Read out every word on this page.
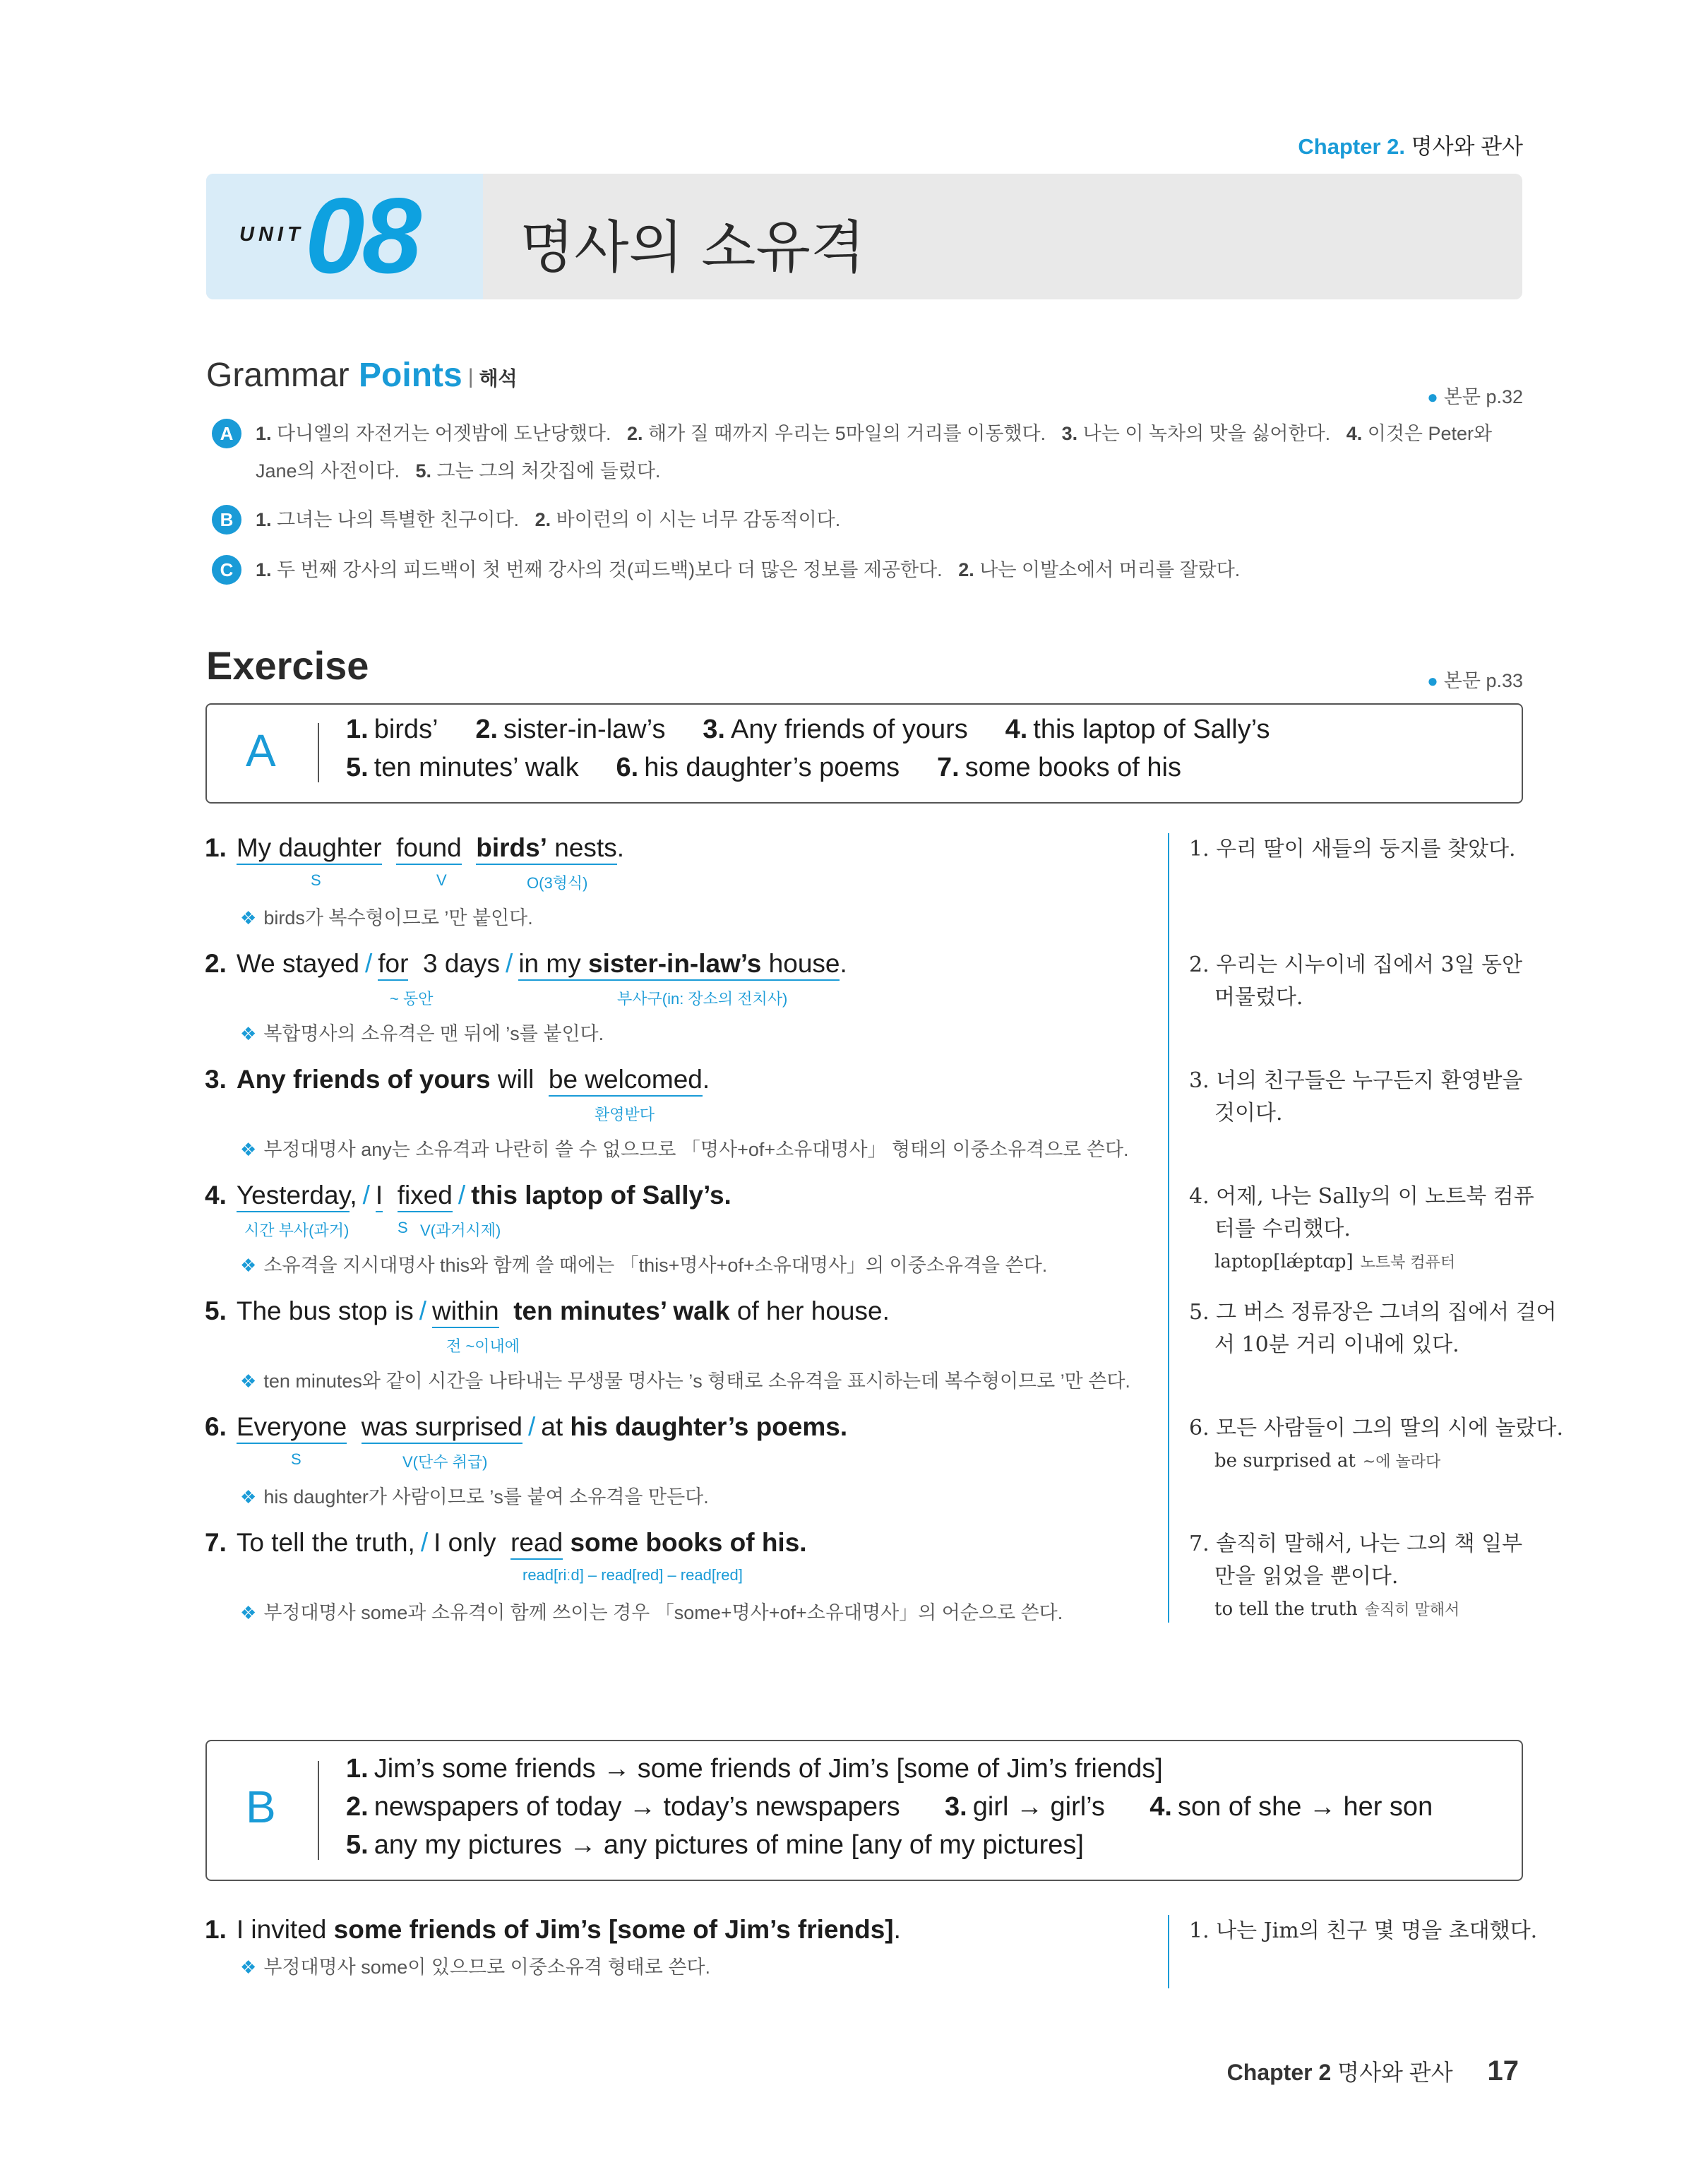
Chapter 2. 명사와 관사
UNIT 08 명사의 소유격
Grammar Points | 해석
● 본문 p.32
A	1. 다니엘의 자전거는 어젯밤에 도난당했다. 2. 해가 질 때까지 우리는 5마일의 거리를 이동했다. 3. 나는 이 녹차의 맛을 싫어한다. 4. 이것은 Peter와
Jane의 사전이다. 5. 그는 그의 처갓집에 들렀다.
B	1. 그녀는 나의 특별한 친구이다. 2. 바이런의 이 시는 너무 감동적이다.
C	1. 두 번째 강사의 피드백이 첫 번째 강사의 것(피드백)보다 더 많은 정보를 제공한다. 2. 나는 이발소에서 머리를 잘랐다.
Exercise	● 본문 p.33
A	1. birds’ 2. sister-in-law’s 3. Any friends of yours 4. this laptop of Sally’s
5. ten minutes’ walk 6. his daughter’s poems 7. some books of his
1. My daughter found birds’ nests.
S	V	O(3형식)
❖ birds가 복수형이므로 ’만 붙인다.
1. 우리 딸이 새들의 둥지를 찾았다.
2. We stayed / for 3 days / in my sister-in-law’s house.
~ 동안	부사구(in: 장소의 전치사)
❖ 복합명사의 소유격은 맨 뒤에 ’s를 붙인다.
2. 우리는 시누이네 집에서 3일 동안
머물렀다.
3. Any friends of yours will be welcomed.
환영받다
❖ 부정대명사 any는 소유격과 나란히 쓸 수 없으므로 「명사+of+소유대명사」 형태의 이중소유격으로 쓴다.
3. 너의 친구들은 누구든지 환영받을
것이다.
4. Yesterday, / I fixed / this laptop of Sally’s.
시간 부사(과거)	S V(과거시제)
❖ 소유격을 지시대명사 this와 함께 쓸 때에는 「this+명사+of+소유대명사」의 이중소유격을 쓴다.
4. 어제, 나는 Sally의 이 노트북 컴퓨
터를 수리했다.
laptop[lǽptɑp] 노트북 컴퓨터
5. The bus stop is / within ten minutes’ walk of her house.
전 ~이내에
❖ ten minutes와 같이 시간을 나타내는 무생물 명사는 ’s 형태로 소유격을 표시하는데 복수형이므로 ’만 쓴다.
5. 그 버스 정류장은 그녀의 집에서 걸어
서 10분 거리 이내에 있다.
6. Everyone was surprised / at his daughter’s poems.
S	V(단수 취급)
❖ his daughter가 사람이므로 ’s를 붙여 소유격을 만든다.
6. 모든 사람들이 그의 딸의 시에 놀랐다.
be surprised at ~에 놀라다
7. To tell the truth, / I only read some books of his.
read[riːd] – read[red] – read[red]
❖ 부정대명사 some과 소유격이 함께 쓰이는 경우 「some+명사+of+소유대명사」의 어순으로 쓴다.
7. 솔직히 말해서, 나는 그의 책 일부
만을 읽었을 뿐이다.
to tell the truth 솔직히 말해서
B
1. Jim’s some friends → some friends of Jim’s [some of Jim’s friends]
2. newspapers of today → today’s newspapers 3. girl → girl’s 4. son of she → her son
5. any my pictures → any pictures of mine [any of my pictures]
1. I invited some friends of Jim’s [some of Jim’s friends].
❖ 부정대명사 some이 있으므로 이중소유격 형태로 쓴다.
1. 나는 Jim의 친구 몇 명을 초대했다.
Chapter 2 명사와 관사 17
